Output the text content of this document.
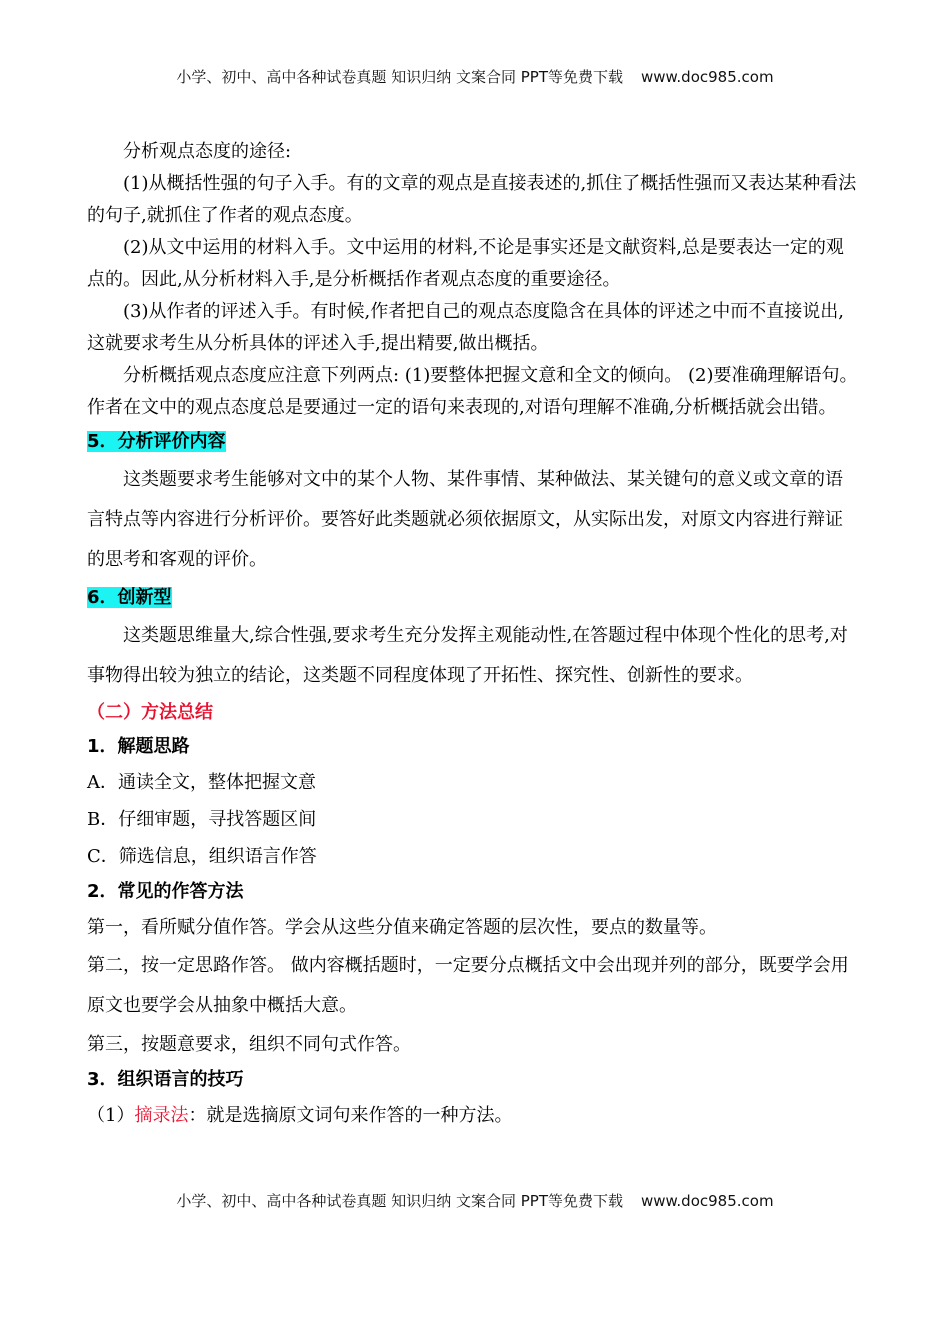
小学、初中、高中各种试卷真题 知识归纳 文案合同 PPT等免费下载 www.doc985.com

分析观点态度的途径:

(1)从概括性强的句子入手。有的文章的观点是直接表述的,抓住了概括性强而又表达某种看法的句子,就抓住了作者的观点态度。

(2)从文中运用的材料入手。文中运用的材料,不论是事实还是文献资料,总是要表达一定的观点的。因此,从分析材料入手,是分析概括作者观点态度的重要途径。

(3)从作者的评述入手。有时候,作者把自己的观点态度隐含在具体的评述之中而不直接说出,这就要求考生从分析具体的评述入手,提出精要,做出概括。

分析概括观点态度应注意下列两点: (1)要整体把握文意和全文的倾向。 (2)要准确理解语句。作者在文中的观点态度总是要通过一定的语句来表现的,对语句理解不准确,分析概括就会出错。

5．分析评价内容

这类题要求考生能够对文中的某个人物、某件事情、某种做法、某关键句的意义或文章的语言特点等内容进行分析评价。要答好此类题就必须依据原文，从实际出发，对原文内容进行辩证的思考和客观的评价。

6．创新型

这类题思维量大,综合性强,要求考生充分发挥主观能动性,在答题过程中体现个性化的思考,对事物得出较为独立的结论，这类题不同程度体现了开拓性、探究性、创新性的要求。

（二）方法总结
1．解题思路

A．通读全文，整体把握文意

B．仔细审题，寻找答题区间

C．筛选信息，组织语言作答

2．常见的作答方法

第一，看所赋分值作答。学会从这些分值来确定答题的层次性，要点的数量等。

第二，按一定思路作答。 做内容概括题时，一定要分点概括文中会出现并列的部分，既要学会用原文也要学会从抽象中概括大意。

第三，按题意要求，组织不同句式作答。

3．组织语言的技巧

（1）摘录法：就是选摘原文词句来作答的一种方法。

小学、初中、高中各种试卷真题 知识归纳 文案合同 PPT等免费下载 www.doc985.com
